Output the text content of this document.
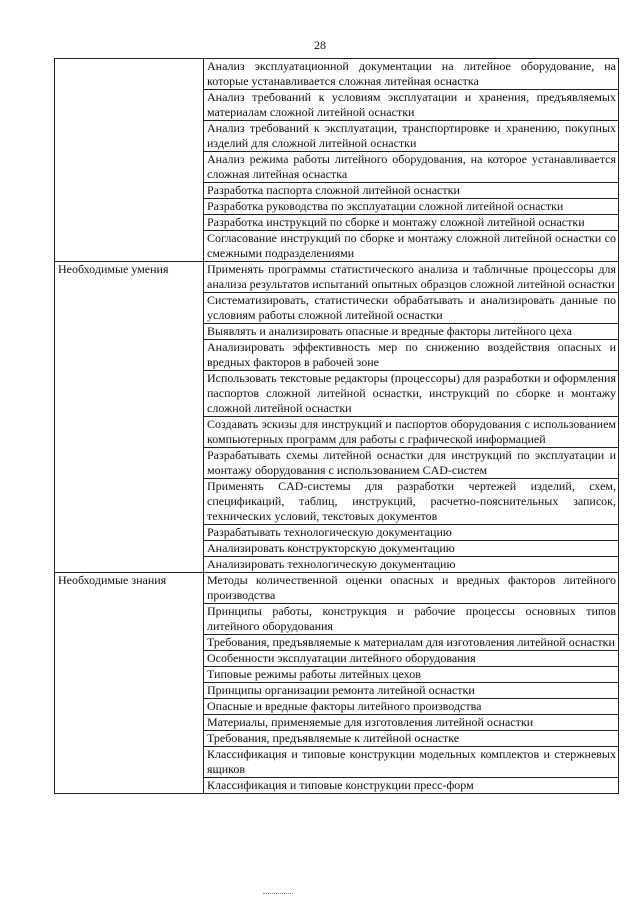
28
	Анализ эксплуатационной документации на литейное оборудование, на которые устанавливается сложная литейная оснастка
	Анализ требований к условиям эксплуатации и хранения, предъявляемых материалам сложной литейной оснастки
	Анализ требований к эксплуатации, транспортировке и хранению, покупных изделий для сложной литейной оснастки
	Анализ режима работы литейного оборудования, на которое устанавливается сложная литейная оснастка
	Разработка паспорта сложной литейной оснастки
	Разработка руководства по эксплуатации сложной литейной оснастки
	Разработка инструкций по сборке и монтажу сложной литейной оснастки
	Согласование инструкций по сборке и монтажу сложной литейной оснастки со смежными подразделениями
Необходимые умения	Применять программы статистического анализа и табличные процессоры для анализа результатов испытаний опытных образцов сложной литейной оснастки
	Систематизировать, статистически обрабатывать и анализировать данные по условиям работы сложной литейной оснастки
	Выявлять и анализировать опасные и вредные факторы литейного цеха
	Анализировать эффективность мер по снижению воздействия опасных и вредных факторов в рабочей зоне
	Использовать текстовые редакторы (процессоры) для разработки и оформления паспортов сложной литейной оснастки, инструкций по сборке и монтажу сложной литейной оснастки
	Создавать эскизы для инструкций и паспортов оборудования с использованием компьютерных программ для работы с графической информацией
	Разрабатывать схемы литейной оснастки для инструкций по эксплуатации и монтажу оборудования с использованием CAD-систем
	Применять CAD-системы для разработки чертежей изделий, схем, спецификаций, таблиц, инструкций, расчетно-пояснительных записок, технических условий, текстовых документов
	Разрабатывать технологическую документацию
	Анализировать конструкторскую документацию
	Анализировать технологическую документацию
Необходимые знания	Методы количественной оценки опасных и вредных факторов литейного производства
	Принципы работы, конструкция и рабочие процессы основных типов литейного оборудования
	Требования, предъявляемые к материалам для изготовления литейной оснастки
	Особенности эксплуатации литейного оборудования
	Типовые режимы работы литейных цехов
	Принципы организации ремонта литейной оснастки
	Опасные и вредные факторы литейного производства
	Материалы, применяемые для изготовления литейной оснастки
	Требования, предъявляемые к литейной оснастке
	Классификация и типовые конструкции модельных комплектов и стержневых ящиков
	Классификация и типовые конструкции пресс-форм
